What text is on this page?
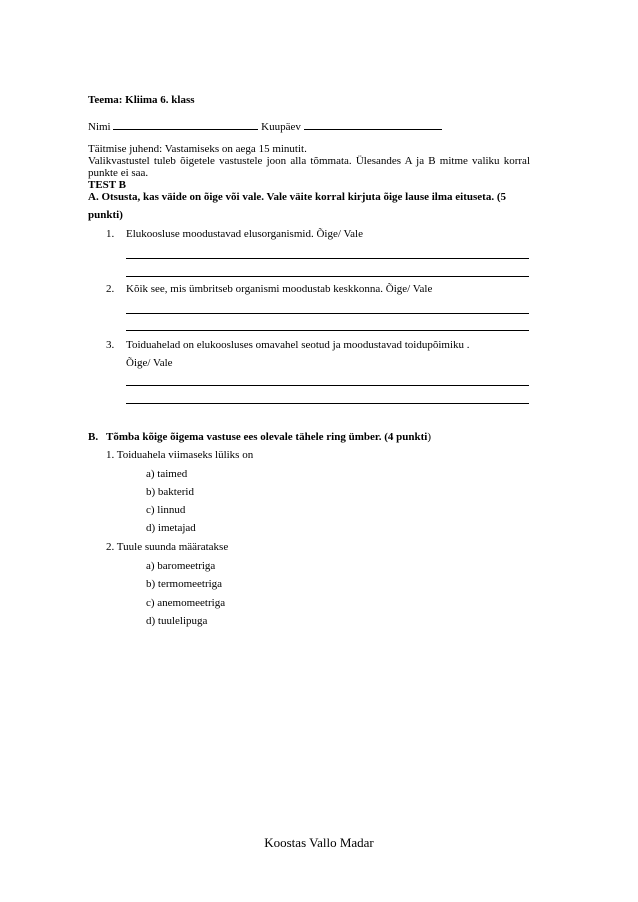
Teema: Kliima 6. klass
Nimi	Kuupäev
Täitmise juhend: Vastamiseks on aega 15 minutit.
Valikvastustel tuleb õigetele vastustele joon alla tõmmata. Ülesandes A ja B mitme valiku korral punkte ei saa.
TEST B
A. Otsusta, kas väide on õige või vale. Vale väite korral kirjuta õige lause ilma eituseta. (5
punkti)
1. Elukoosluse moodustavad elusorganismid. Õige/ Vale
2. Kõik see, mis ümbritseb organismi moodustab keskkonna. Õige/ Vale
3. Toiduahelad on elukoosluses omavahel seotud ja moodustavad toidupõimiku .
Õige/ Vale
B. Tõmba kõige õigema vastuse ees olevale tähele ring ümber. (4 punkti)
1. Toiduahela viimaseks lüliks on
a) taimed
b) bakterid
c) linnud
d) imetajad
2. Tuule suunda määratakse
a) baromeetriga
b) termomeetriga
c) anemomeetriga
d) tuulelipuga
Koostas Vallo Madar
